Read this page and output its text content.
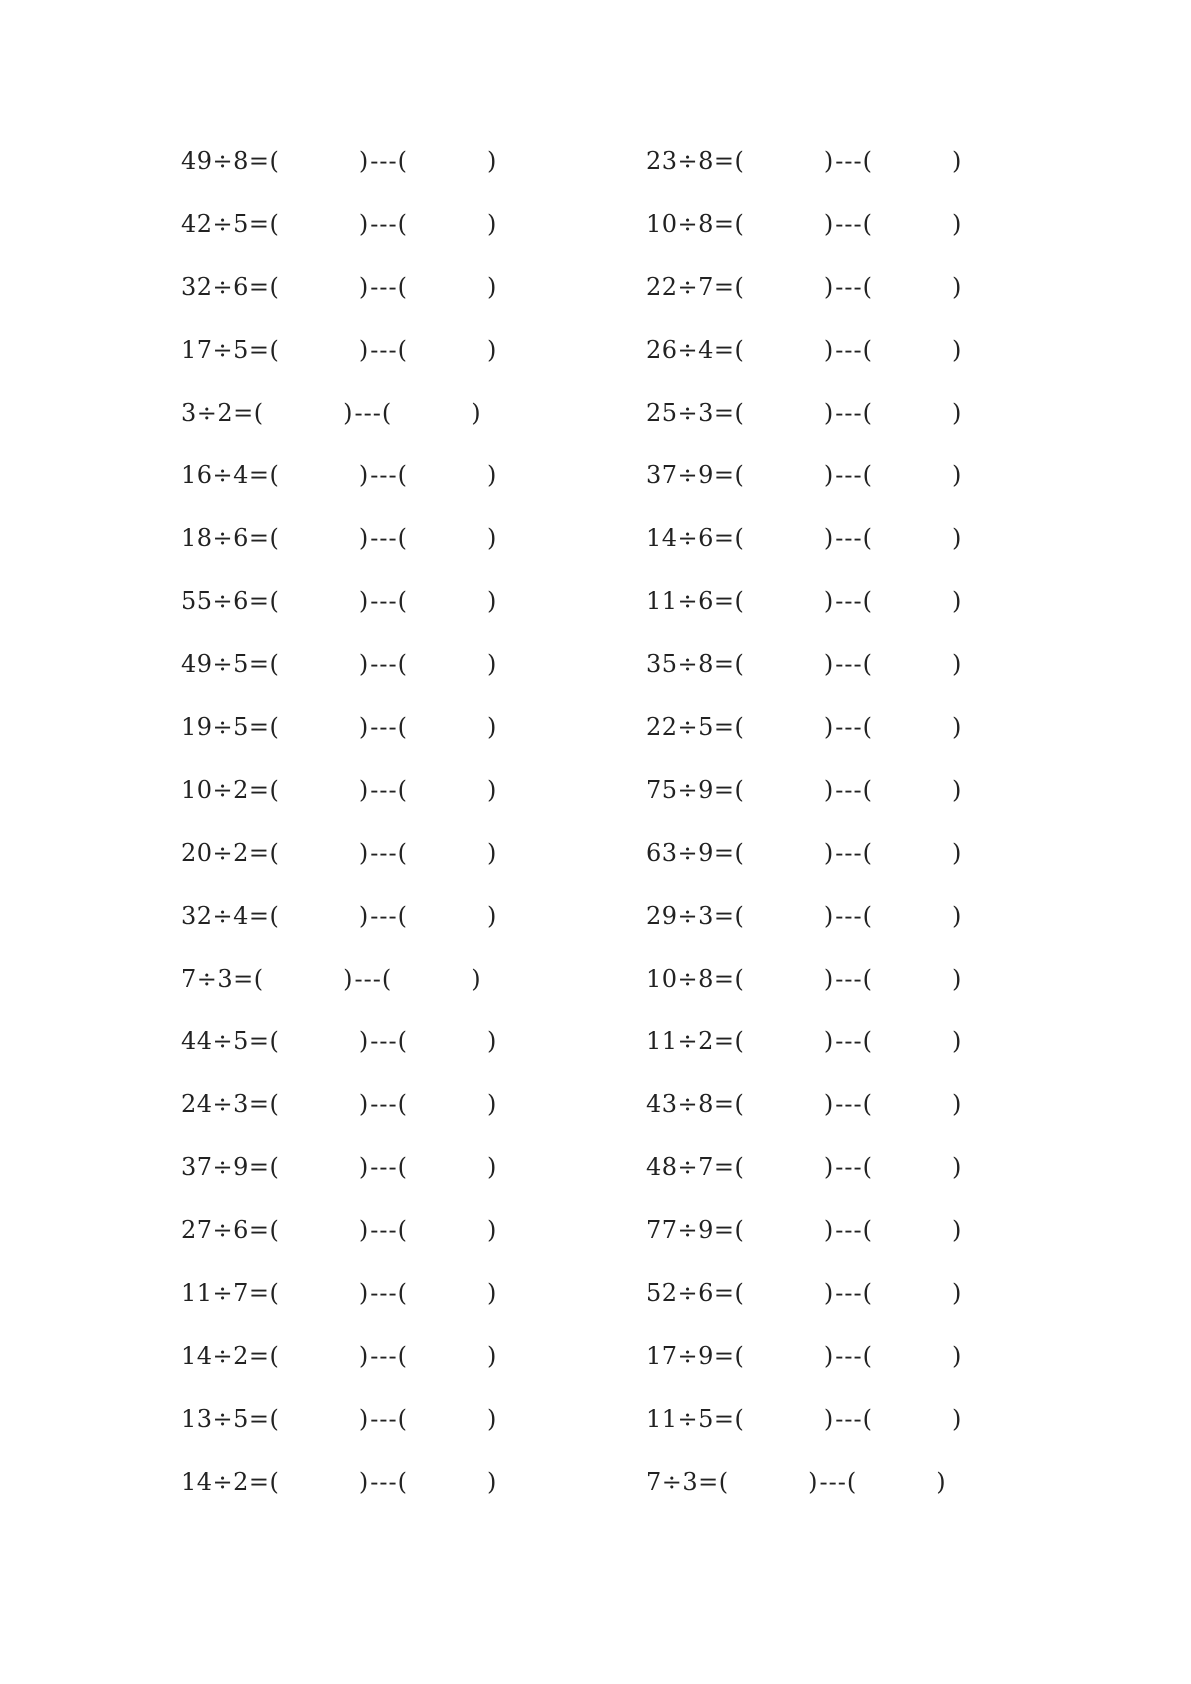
49÷8=(	)---(	)
42÷5=(	)---(	)
32÷6=(	)---(	)
17÷5=(	)---(	)
3÷2=(	)---(	)
16÷4=(	)---(	)
18÷6=(	)---(	)
55÷6=(	)---(	)
49÷5=(	)---(	)
19÷5=(	)---(	)
10÷2=(	)---(	)
20÷2=(	)---(	)
32÷4=(	)---(	)
7÷3=(	)---(	)
44÷5=(	)---(	)
24÷3=(	)---(	)
37÷9=(	)---(	)
27÷6=(	)---(	)
11÷7=(	)---(	)
14÷2=(	)---(	)
13÷5=(	)---(	)
14÷2=(	)---(	)
23÷8=(	)---(	)
10÷8=(	)---(	)
22÷7=(	)---(	)
26÷4=(	)---(	)
25÷3=(	)---(	)
37÷9=(	)---(	)
14÷6=(	)---(	)
11÷6=(	)---(	)
35÷8=(	)---(	)
22÷5=(	)---(	)
75÷9=(	)---(	)
63÷9=(	)---(	)
29÷3=(	)---(	)
10÷8=(	)---(	)
11÷2=(	)---(	)
43÷8=(	)---(	)
48÷7=(	)---(	)
77÷9=(	)---(	)
52÷6=(	)---(	)
17÷9=(	)---(	)
11÷5=(	)---(	)
7÷3=(	)---(	)
